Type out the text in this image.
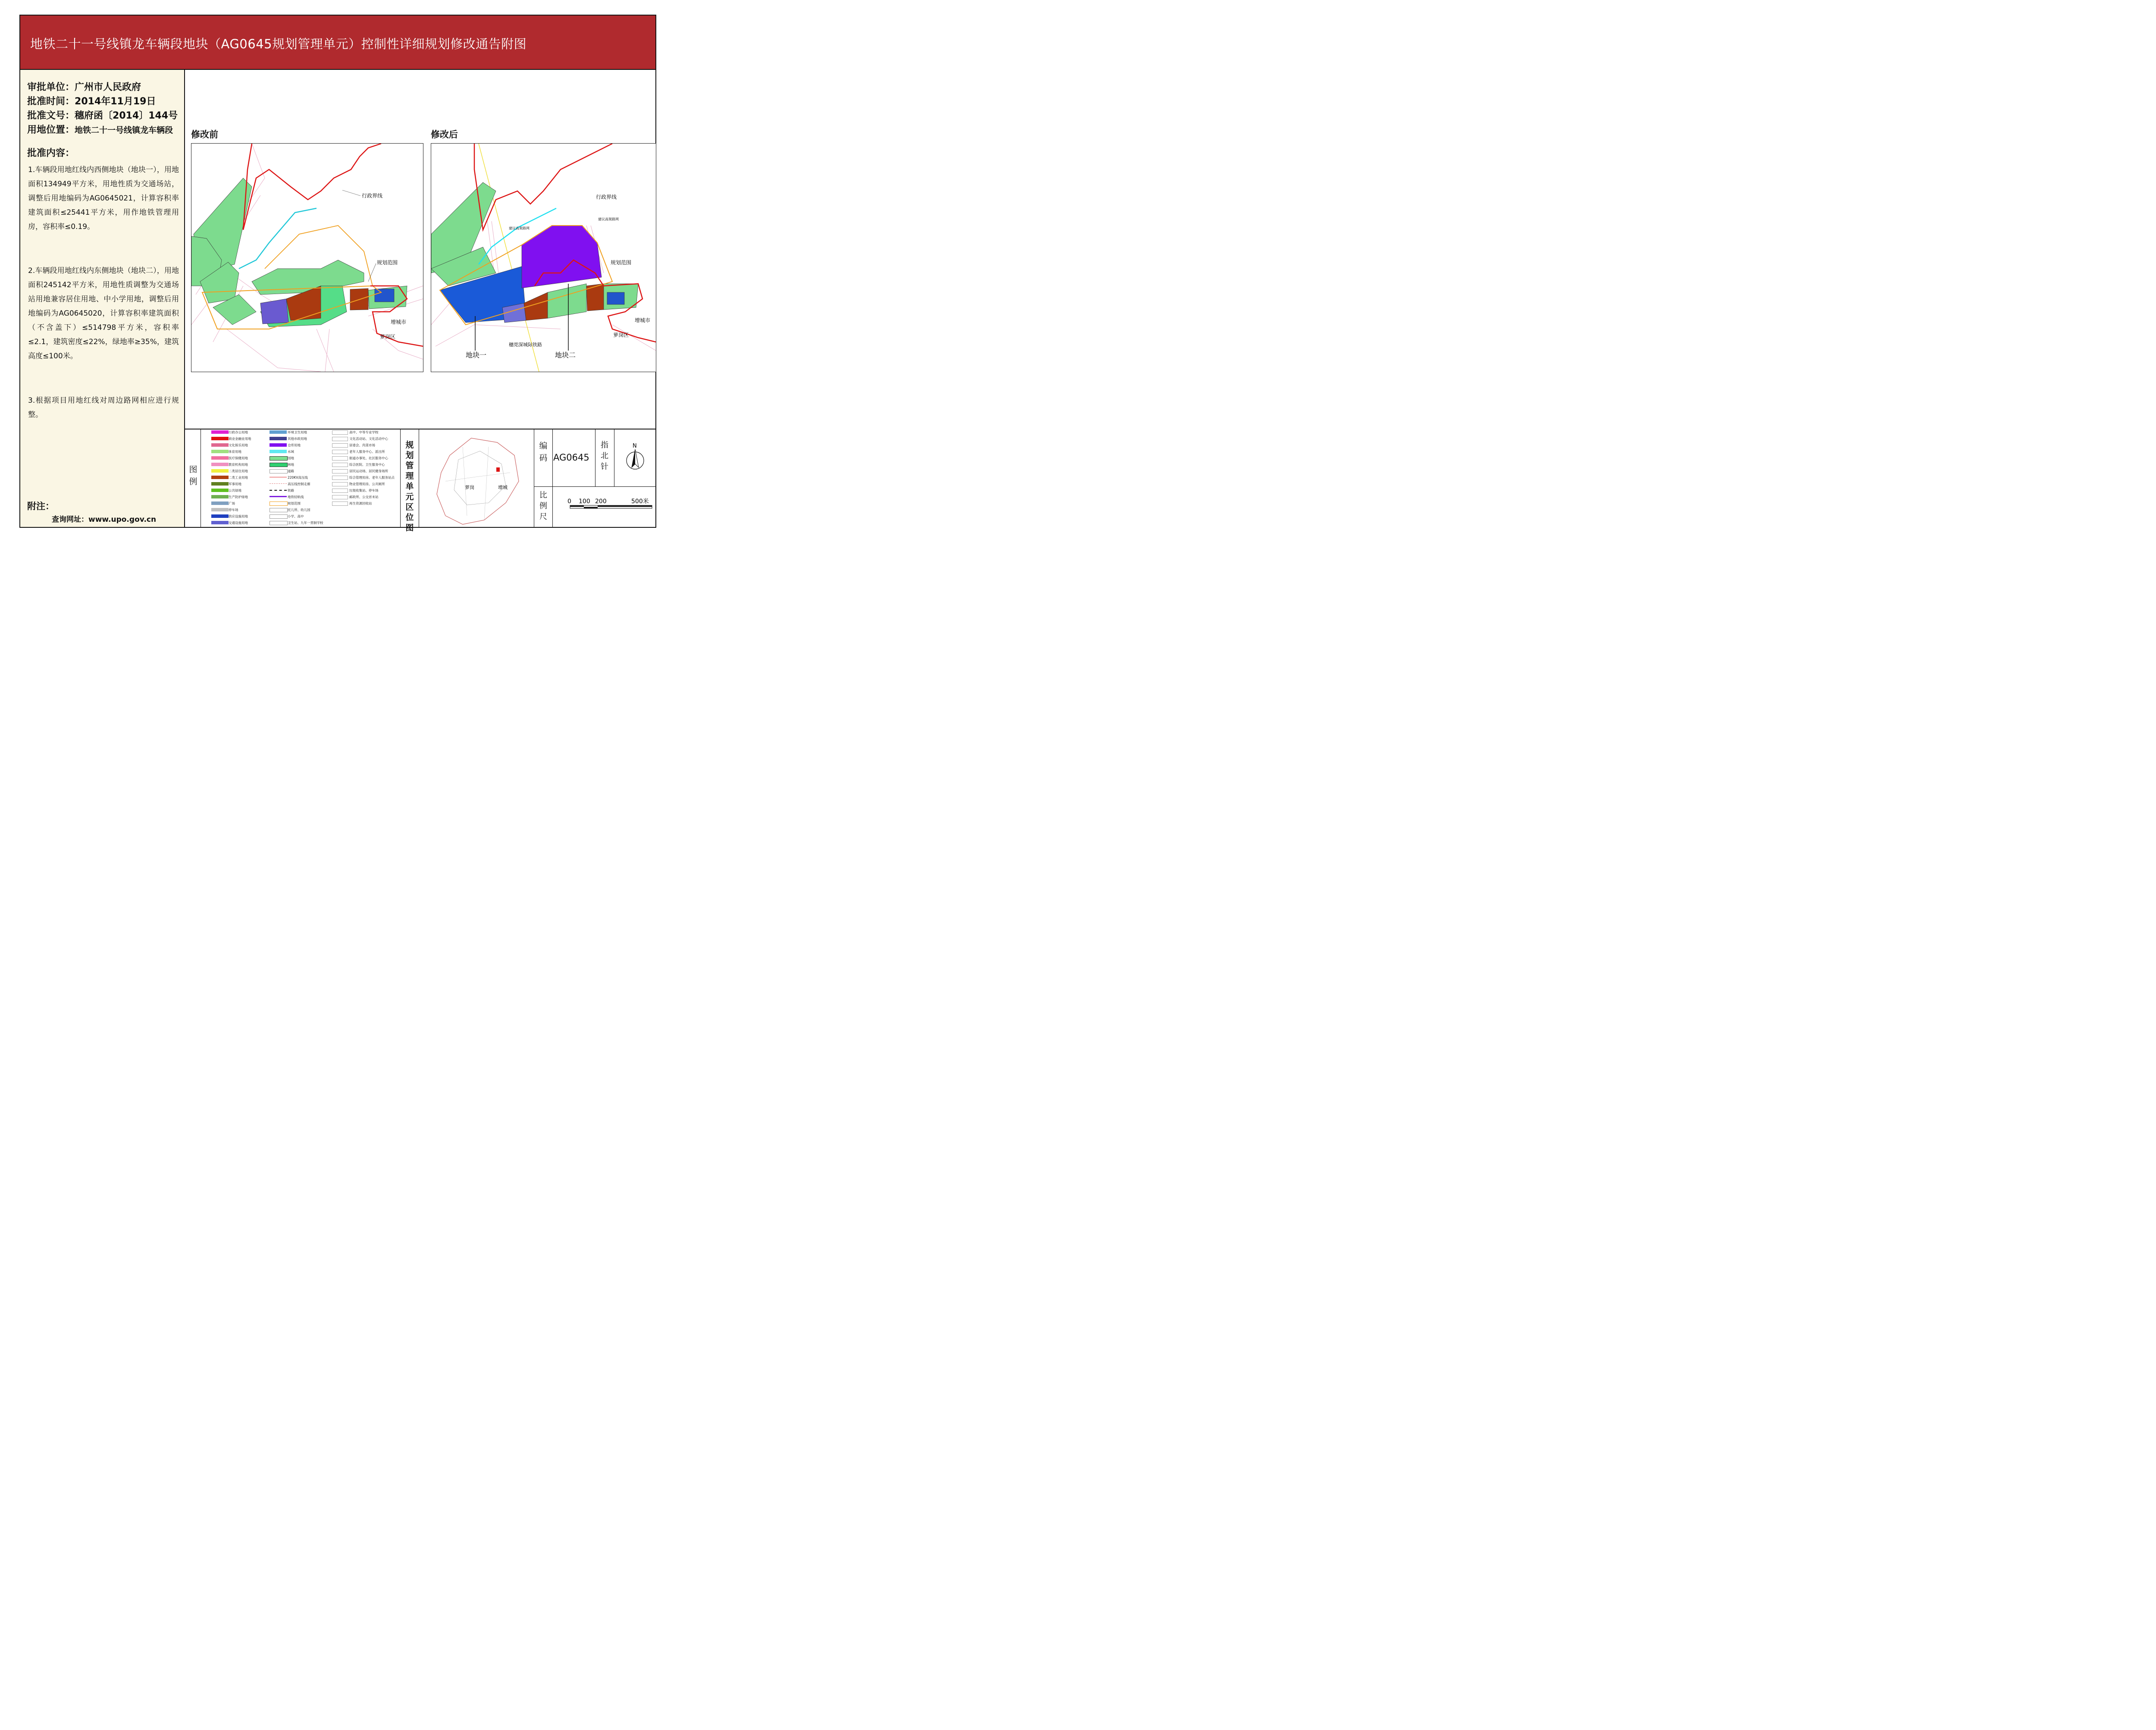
地铁二十一号线镇龙车辆段地块（AG0645规划管理单元）控制性详细规划修改通告附图
审批单位：广州市人民政府
批准时间：2014年11月19日
批准文号：穗府函〔2014〕144号
用地位置：地铁二十一号线镇龙车辆段
批准内容：
1.车辆段用地红线内西侧地块（地块一），用地面积134949平方米，用地性质为交通场站，调整后用地编码为AG0645021，计算容积率建筑面积≤25441平方米，用作地铁管理用房，容积率≤0.19。
2.车辆段用地红线内东侧地块（地块二），用地面积245142平方米，用地性质调整为交通场站用地兼容居住用地、中小学用地，调整后用地编码为AG0645020，计算容积率建筑面积（不含盖下）≤514798平方米，容积率≤2.1，建筑密度≤22%，绿地率≥35%，建筑高度≤100米。
3.根据项目用地红线对周边路网相应进行规整。
附注：
查询网址：www.upo.gov.cn
修改前	修改后
行政界线
规划范围
增城市
萝岗区
行政界线
建议高架路网
建议高架路网
规划范围
增城市
萝岗区
穗莞深城际铁路
地块一	地块二
图例
行政办公用地
商业金融业用地
文化娱乐用地
体育用地
医疗保健用地
教育机构用地
二类居住用地
二类工业用地
军事用地
公共绿地
生产防护绿地
广场
停车场
供应设施用地
交通设施用地
环境卫生用地
其他市政用地
仓库用地
水域
园地
林地
道路
220KV高压线
高压线控制走廊
铁路
地铁轻轨线
规划范围
托儿所、幼儿园
小学、高中
卫生站、九年一贯制学校
高中、中等专业学校
文化活动站、文化活动中心
居委会、肉菜市场
老年人服务中心、派出所
街道办事处、社区服务中心
综合医院、卫生服务中心
居民运动场、居民健身场所
综合管理用房、老年人服务站点
物业管理用房、公共厕所
垃圾收集站、停车场
邮政所、公交首末站
再生资源回收站
规划管理单元区位图
萝岗	增城
编码 AG0645
指北针
N
比例尺
0 100 200	500米
